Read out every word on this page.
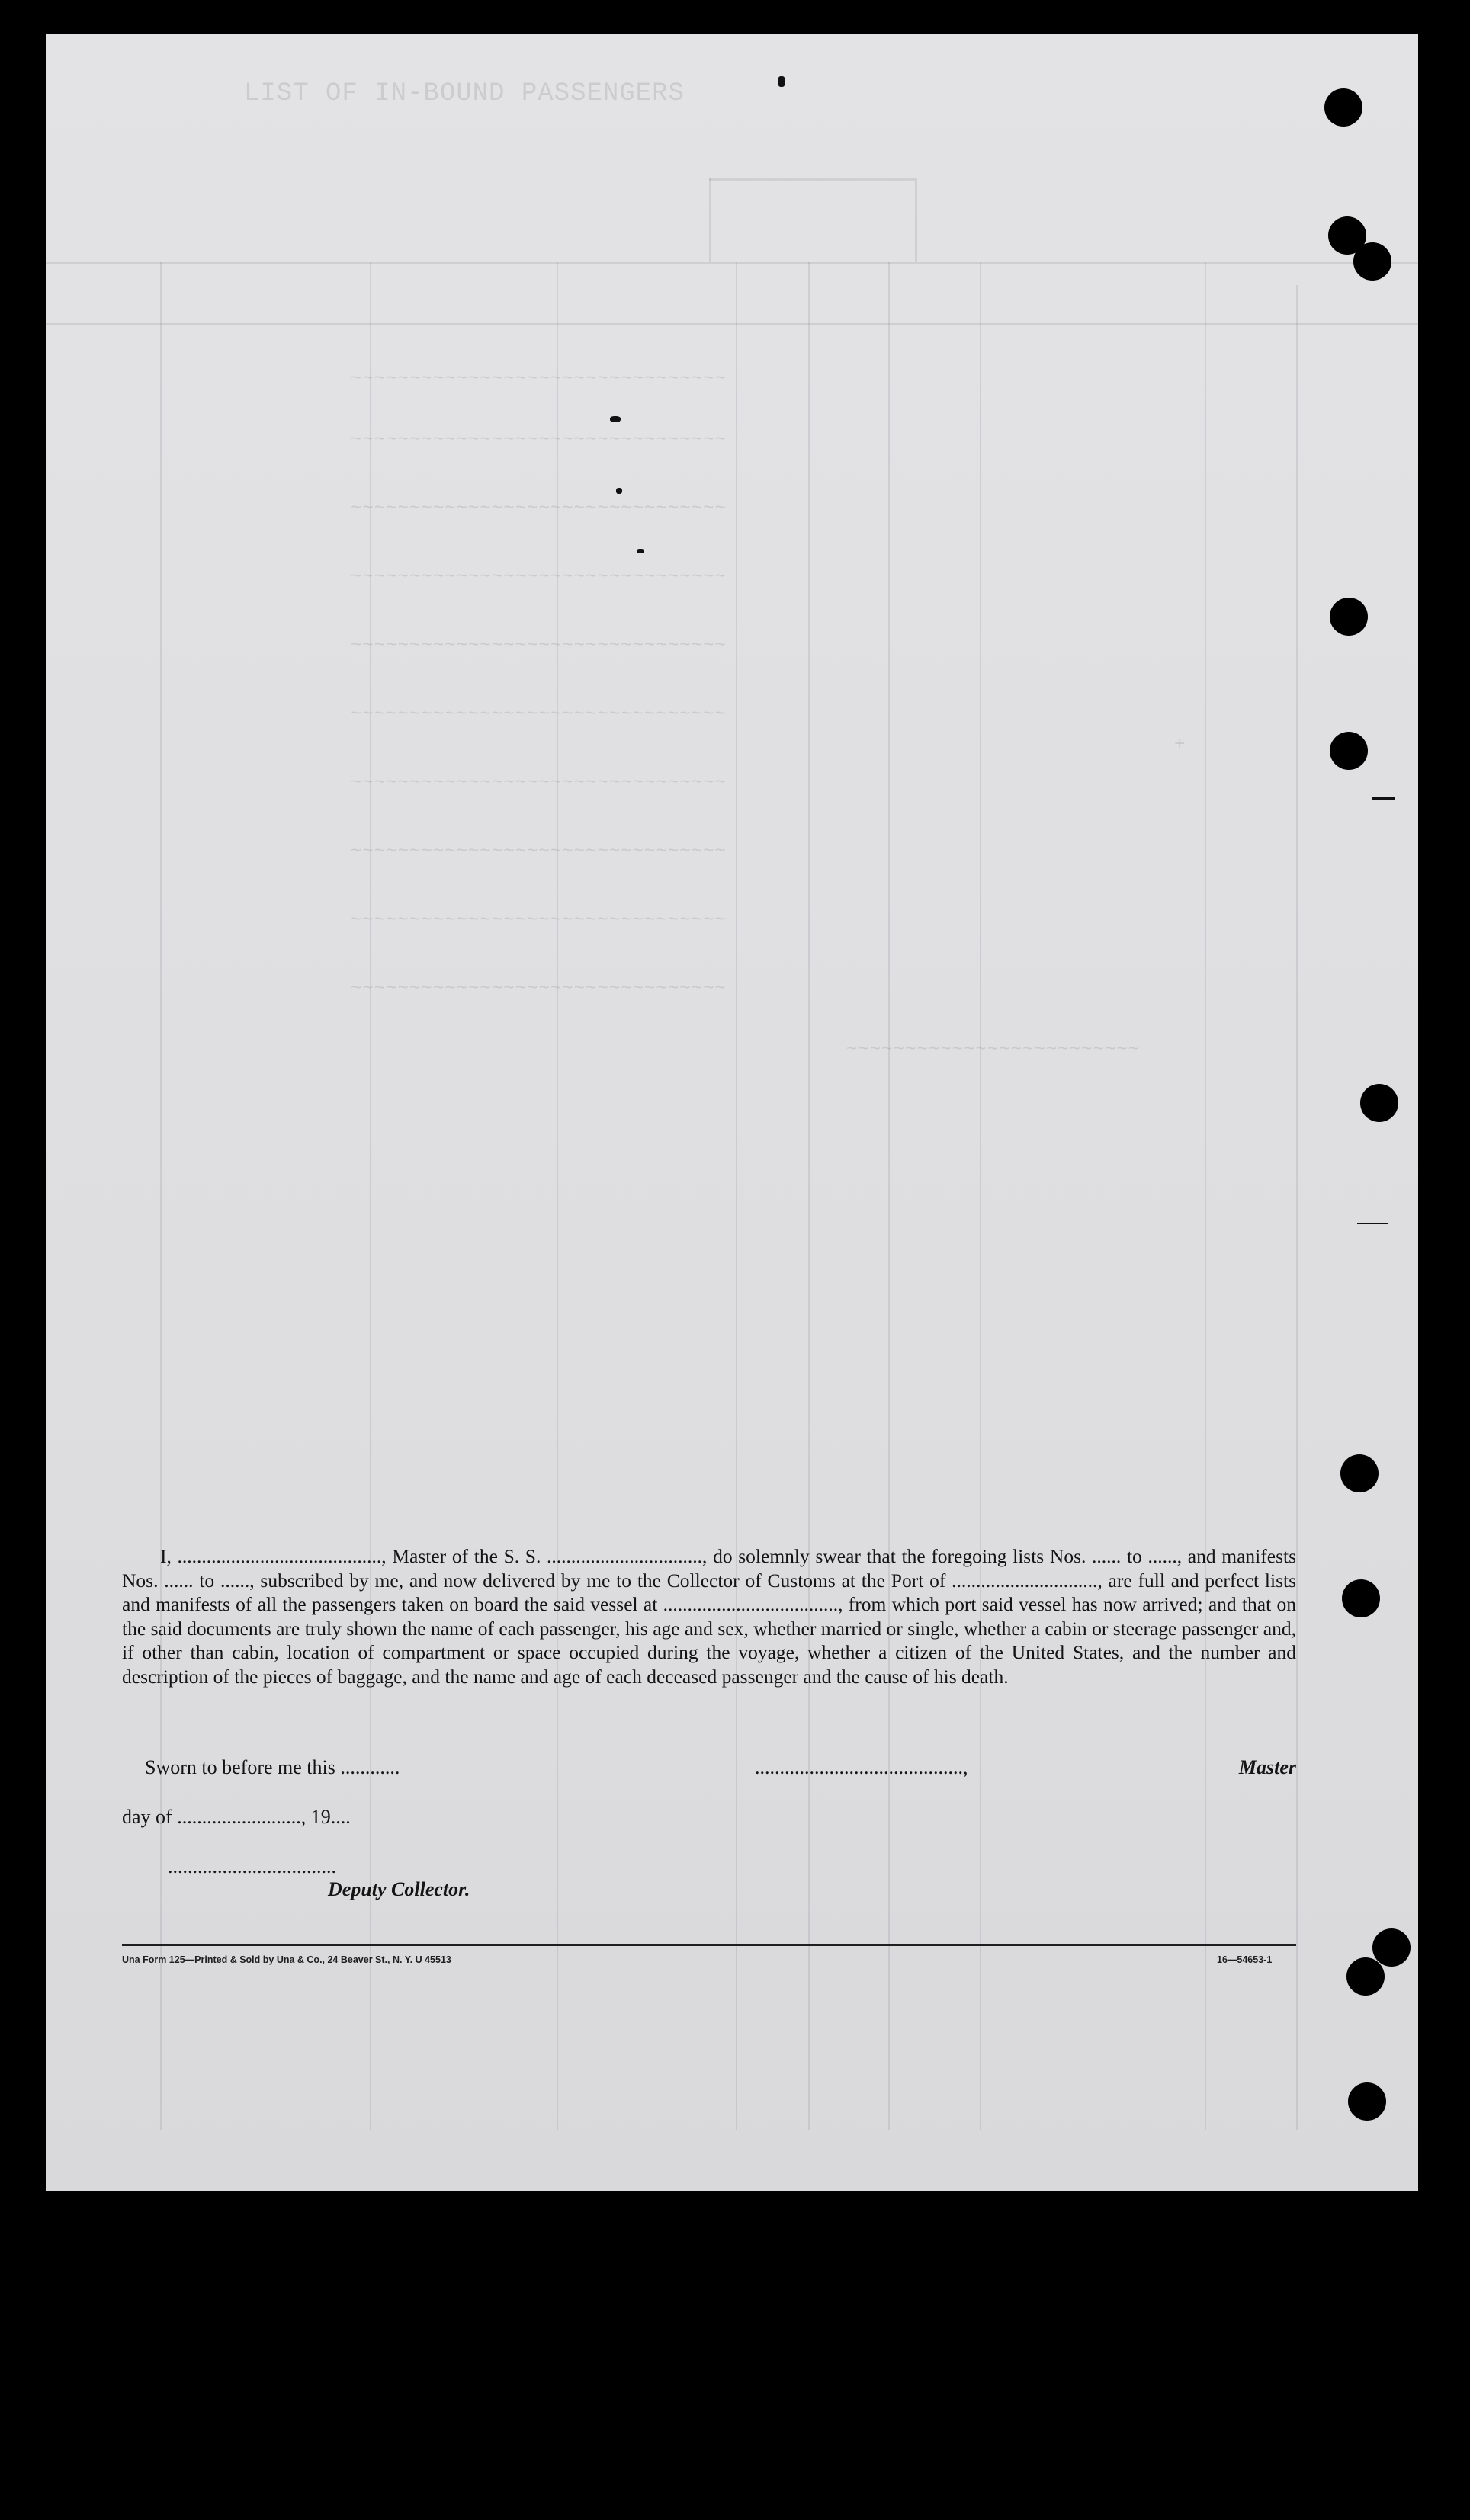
LIST OF IN-BOUND PASSENGERS
~~~~~~~~~~~~~~~~~~~~~~~~~~~~~~~~
~~~~~~~~~~~~~~~~~~~~~~~~~~~~~~~~
~~~~~~~~~~~~~~~~~~~~~~~~~~~~~~~~
~~~~~~~~~~~~~~~~~~~~~~~~~~~~~~~~
~~~~~~~~~~~~~~~~~~~~~~~~~~~~~~~~
~~~~~~~~~~~~~~~~~~~~~~~~~~~~~~~~
~~~~~~~~~~~~~~~~~~~~~~~~~~~~~~~~
~~~~~~~~~~~~~~~~~~~~~~~~~~~~~~~~
~~~~~~~~~~~~~~~~~~~~~~~~~~~~~~~~
~~~~~~~~~~~~~~~~~~~~~~~~~~~~~~~~
~~~~~~~~~~~~~~~~~~~~~~~~~
+
I, .........................................., Master of the S. S. ................................, do solemnly swear that the foregoing lists Nos. ...... to ......, and manifests Nos. ...... to ......, subscribed by me, and now delivered by me to the Collector of Customs at the Port of .............................., are full and perfect lists and manifests of all the passengers taken on board the said vessel at ...................................., from which port said vessel has now arrived; and that on the said documents are truly shown the name of each passenger, his age and sex, whether married or single, whether a cabin or steerage passenger and, if other than cabin, location of compartment or space occupied during the voyage, whether a citizen of the United States, and the number and description of the pieces of baggage, and the name and age of each deceased passenger and the cause of his death.
Sworn to before me this ............	..........................................,	Master
day of ........................., 19....
..................................
Deputy Collector.
Una Form 125—Printed & Sold by Una & Co., 24 Beaver St., N. Y. U 45513	16—54653-1
